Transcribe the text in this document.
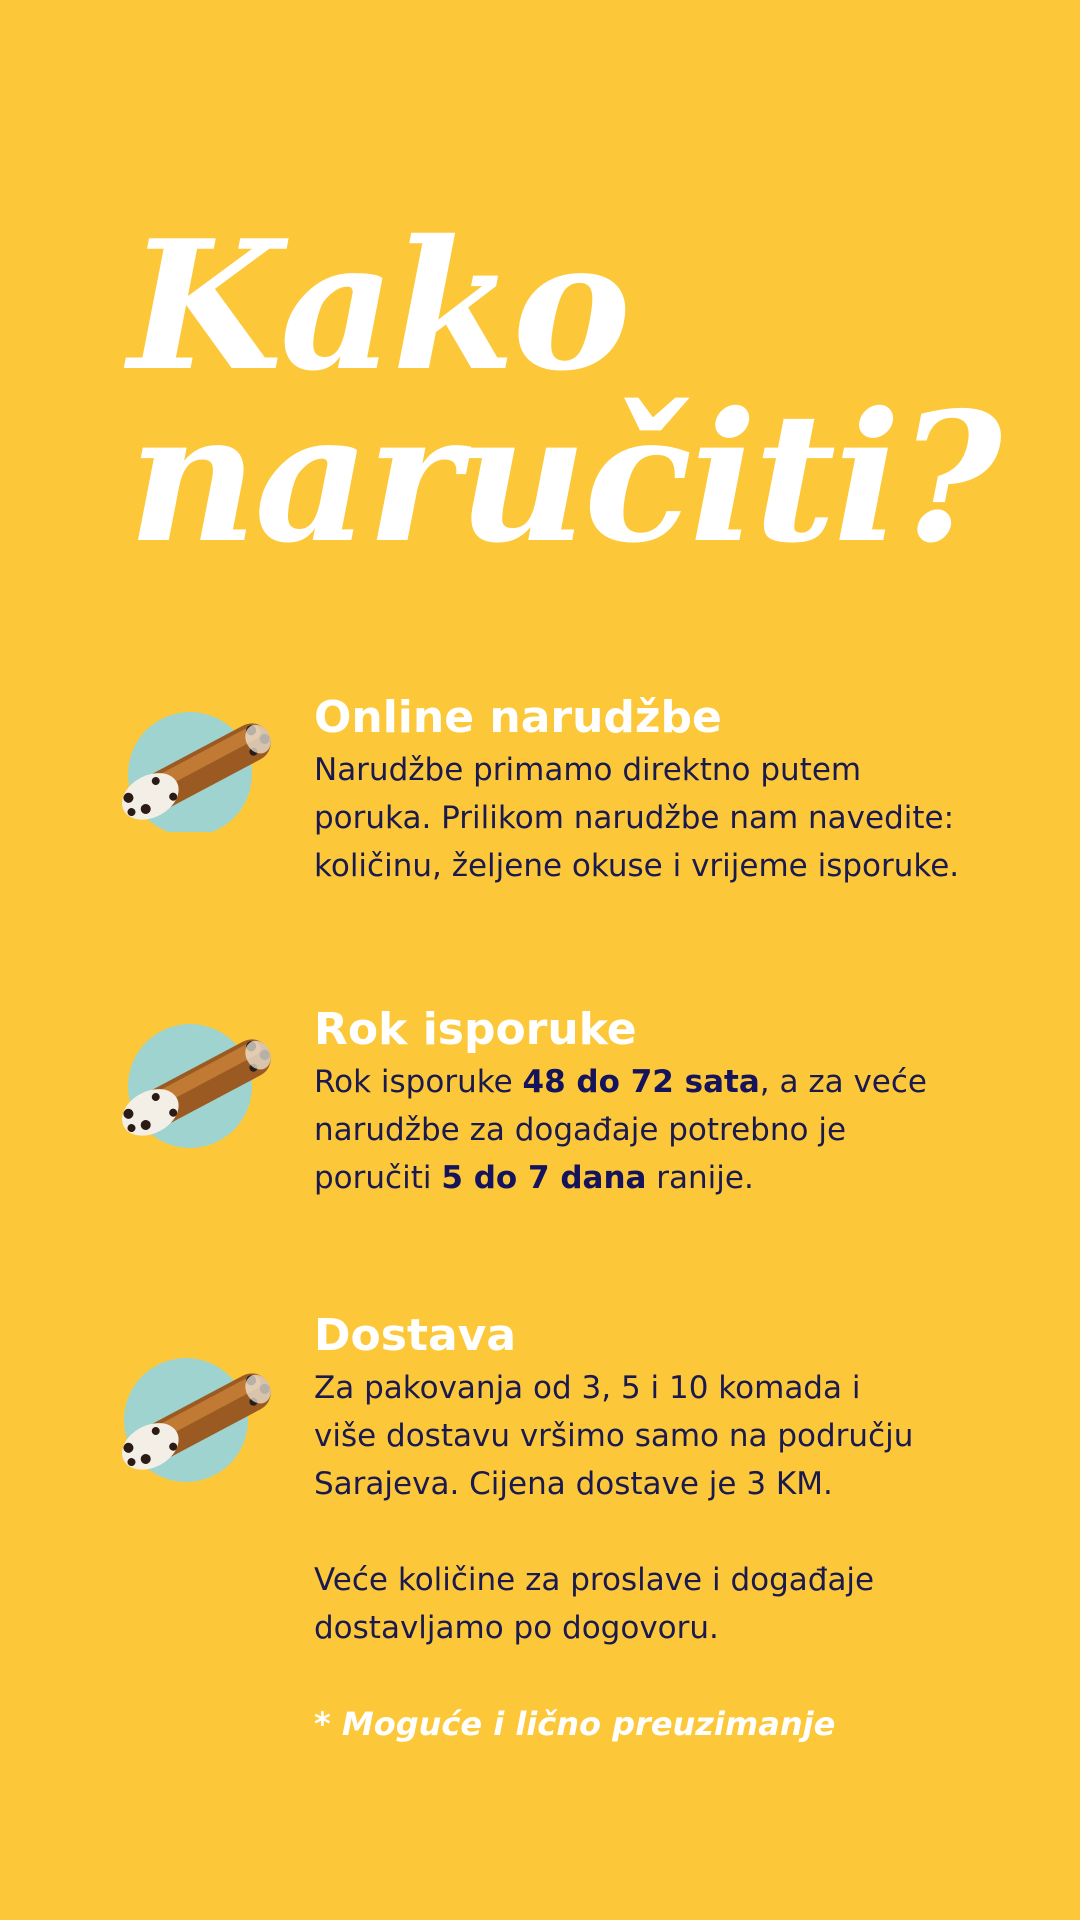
Kako
naručiti?
Online narudžbe

Narudžbe primamo direktno putem
poruka. Prilikom narudžbe nam navedite:
količinu, željene okuse i vrijeme isporuke.

Rok isporuke

Rok isporuke 48 do 72 sata, a za veće
narudžbe za događaje potrebno je
poručiti 5 do 7 dana ranije.

Dostava

Za pakovanja od 3, 5 i 10 komada i
više dostavu vršimo samo na području
Sarajeva. Cijena dostave je 3 KM.

Veće količine za proslave i događaje
dostavljamo po dogovoru.

* Moguće i lično preuzimanje
